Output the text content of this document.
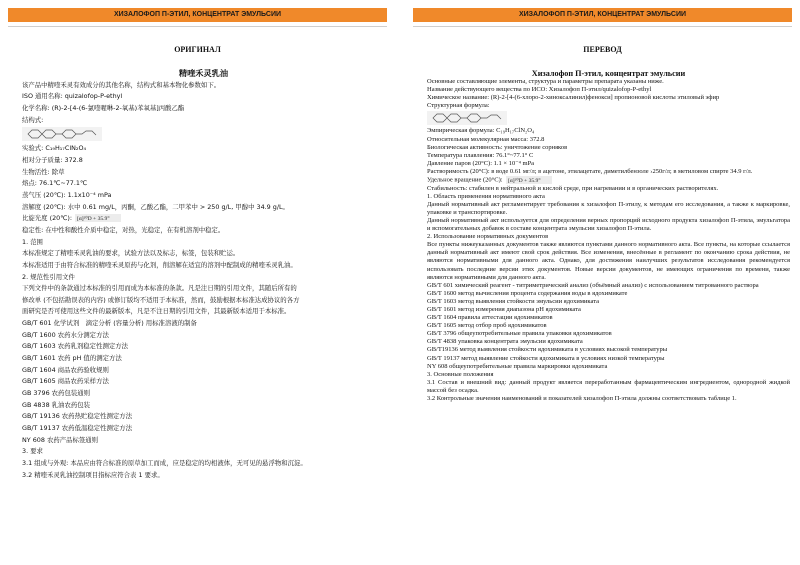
ХИЗАЛОФОП П-ЭТИЛ, КОНЦЕНТРАТ ЭМУЛЬСИИ
ОРИГИНАЛ
精喹禾灵乳油
该产品中精喹禾灵有效成分的其他名称，结构式和基本物化参数如下。
ISO 通用名称: quizalofop-P-ethyl
化学名称: (R)-2-[4-(6-氯喹喔啉-2-氧基)苯氧基]丙酸乙酯
结构式:
实验式: C₁₉H₁₇ClN₂O₄
相对分子质量: 372.8
生物活性: 除草
熔点: 76.1℃~77.1℃
蒸气压 (20℃): 1.1x10⁻⁴ mPa
溶解度 (20℃): 水中 0.61 mg/L，丙酮，乙酸乙酯，二甲苯中 > 250 g/L, 甲醇中 34.9 g/L。
比旋光度 (20℃): [α]²⁰D + 35.9°
稳定性: 在中性和酸性介质中稳定，对热，光稳定，在有机溶剂中稳定。
1. 范围
本标准规定了精喹禾灵乳油的要求，试验方法以及标志，标签，包装和贮运。
本标准适用于由符合标准的精喹禾灵原药与化剂，削溶解在适宜的溶剂中配制成的精喹禾灵乳油。
2. 规范性引用文件
下列文件中的条款通过本标准的引用而成为本标准的条款。凡是注日期的引用文件，其随后所有的
修改单 (不包括勘误表的内容) 或修订版均不适用于本标准，然而，鼓励根据本标准达成协议的各方
面研究是否可使用这些文件的最新版本，凡是不注日期的引用文件，其最新版本适用于本标准。
GB/T 601 化学试剂　滴定分析 (容量分析) 用标准溶液的制备
GB/T 1600 农药水分测定方法
GB/T 1603 农药乳剂稳定性测定方法
GB/T 1601 农药 pH 值的测定方法
GB/T 1604 商品农药验收规则
GB/T 1605 商品农药采样方法
GB 3796 农药包装通则
GB 4838 乳油农药包装
GB/T 19136 农药热贮稳定性测定方法
GB/T 19137 农药低温稳定性测定方法
NY 608 农药产品标签通则
3. 要求
3.1 组成与外观: 本品应由符合标准的原草加工而成，应是稳定的均相液体，无可见的悬浮物和沉淀。
3.2 精喹禾灵乳油控制项目指标应符合表 1 要求。
ХИЗАЛОФОП П-ЭТИЛ, КОНЦЕНТРАТ ЭМУЛЬСИИ
ПЕРЕВОД
Хизалофоп П-этил, концентрат эмульсии
Основные составляющие элементы, структура и параметры препарата указаны ниже.
Название действующего вещества по ИСО: Хизалофоп П-этил/quizalofop-P-ethyl
Химическое название: (R)-2-[4-(6-хлоро-2-хиноксалинил)фенокси] пропионовой кислоты этиловый эфир
Структурная формула:
Эмпирическая формула: C₁₉H₁₇ClN₂O₄
Относительная молекулярная масса: 372.8
Биологическая активность: уничтожение сорняков
Температура плавления: 76.1°~77.1° С
Давление паров (20°С): 1.1 × 10⁻⁴ mPa
Растворимость (20°С): в воде 0.61 мг/л; в ацетоне, этилацетате, диметилбензоле ›250г/л; в метиловом спирте 34.9 г/л.
Удельное вращение (20°С): [α]²⁰D + 35.9°
Стабильность: стабилен в нейтральной и кислой среде, при нагревании и в органических растворителях.
1. Область применения нормативного акта
Данный нормативный акт регламентирует требования к хизалофоп П-этилу, к методам его исследования, а также к маркировке, упаковке и транспортировке.
Данный нормативный акт используется для определения верных пропорций исходного продукта хизалофоп П-этила, эмульгатора и вспомогательных добавок в составе концентрата эмульсии хизалофоп П-этила.
2. Использование нормативных документов
Все пункты нижеуказанных документов также являются пунктами данного нормативного акта. Все пункты, на которые ссылается данный нормативный акт имеют свой срок действия. Все изменения, внесённые в регламент по окончанию срока действия, не являются нормативными для данного акта. Однако, для достижения наилучших результатов исследования рекомендуется использовать последние версии этих документов. Новые версии документов, не имеющих ограничения по времени, также являются нормативными для данного акта.
GB/T 601 химический реагент - титриметрический анализ (объёмный анализ) с использованием титрованного раствора
GB/T 1600 метод вычисления процента содержания воды в ядохимикате
GB/T 1603 метод выявления стойкости эмульсии ядохимиката
GB/T 1601 метод измерения диапазона pH ядохимиката
GB/T 1604 правила аттестации ядохимикатов
GB/T 1605 метод отбор проб ядохимикатов
GB/T 3796 общеупотребительные правила упаковки ядохимикатов
GB/T 4838 упаковка концентрата эмульсии ядохимиката
GB/T19136 метод выявления стойкости ядохимиката в условиях высокой температуры
GB/T 19137 метод выявление стойкости ядохимиката в условиях низкой температуры
NY 608 общеупотребительные правила маркировки ядохимиката
3. Основные положения
3.1 Состав и внешний вид: данный продукт является переработанным фармацевтическим ингредиентом, однородной жидкой массой без осадка.
3.2 Контрольные значения наименований и показателей хизалофоп П-этила должны соответствовать таблице 1.
